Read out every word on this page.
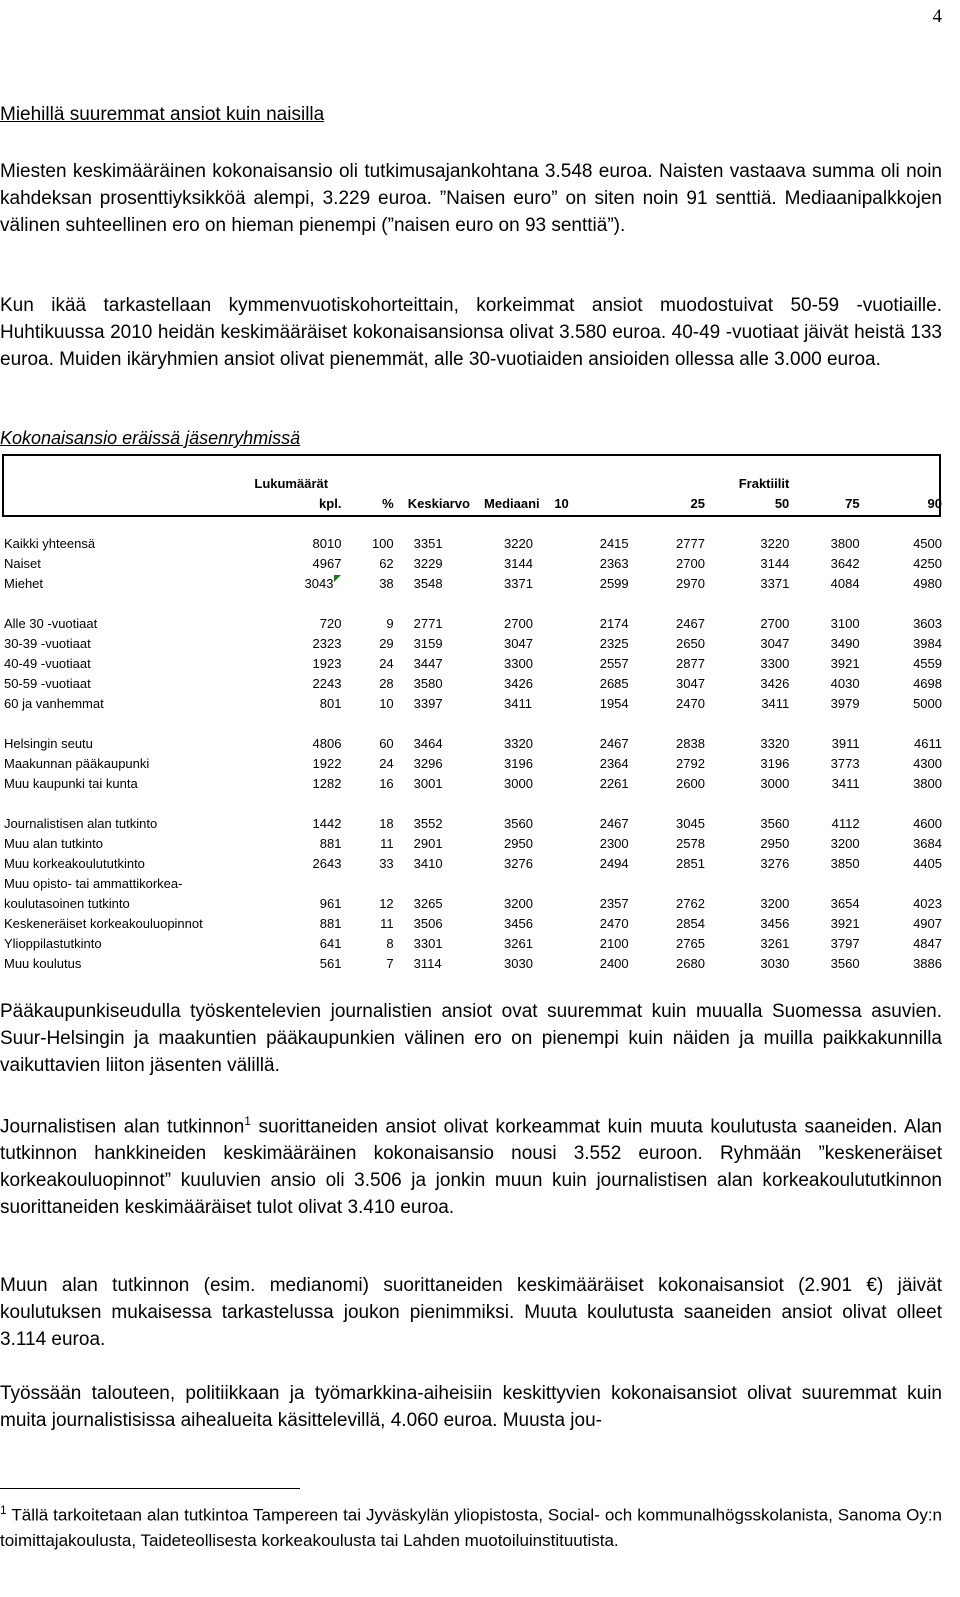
4
Miehillä suuremmat ansiot kuin naisilla

Miesten keskimääräinen kokonaisansio oli tutkimusajankohtana 3.548 euroa. Naisten vastaava summa oli noin kahdeksan prosenttiyksikköä alempi, 3.229 euroa. ”Naisen euro” on siten noin 91 senttiä. Mediaanipalkkojen välinen suhteellinen ero on hieman pienempi (”naisen euro on 93 senttiä”).

Kun ikää tarkastellaan kymmenvuotiskohorteittain, korkeimmat ansiot muodostuivat 50-59 -vuotiaille. Huhtikuussa 2010 heidän keskimääräiset kokonaisansionsa olivat 3.580 euroa. 40-49 -vuotiaat jäivät heistä 133 euroa. Muiden ikäryhmien ansiot olivat pienemmät, alle 30-vuotiaiden ansioiden ollessa alle 3.000 euroa.

Kokonaisansio eräissä jäsenryhmissä
	Lukumäärät						Fraktiilit		
	kpl.	%	Keskiarvo	Mediaani	10	25	50	75	90

Kaikki yhteensä	8010	100	3351	3220	2415	2777	3220	3800	4500
Naiset	4967	62	3229	3144	2363	2700	3144	3642	4250
Miehet	3043	38	3548	3371	2599	2970	3371	4084	4980

Alle 30 -vuotiaat	720	9	2771	2700	2174	2467	2700	3100	3603
30-39 -vuotiaat	2323	29	3159	3047	2325	2650	3047	3490	3984
40-49 -vuotiaat	1923	24	3447	3300	2557	2877	3300	3921	4559
50-59 -vuotiaat	2243	28	3580	3426	2685	3047	3426	4030	4698
60 ja vanhemmat	801	10	3397	3411	1954	2470	3411	3979	5000

Helsingin seutu	4806	60	3464	3320	2467	2838	3320	3911	4611
Maakunnan pääkaupunki	1922	24	3296	3196	2364	2792	3196	3773	4300
Muu kaupunki tai kunta	1282	16	3001	3000	2261	2600	3000	3411	3800

Journalistisen alan tutkinto	1442	18	3552	3560	2467	3045	3560	4112	4600
Muu alan tutkinto	881	11	2901	2950	2300	2578	2950	3200	3684
Muu korkeakoulututkinto	2643	33	3410	3276	2494	2851	3276	3850	4405
Muu opisto- tai ammattikorkea-									
koulutasoinen tutkinto	961	12	3265	3200	2357	2762	3200	3654	4023
Keskeneräiset korkeakouluopinnot	881	11	3506	3456	2470	2854	3456	3921	4907
Ylioppilastutkinto	641	8	3301	3261	2100	2765	3261	3797	4847
Muu koulutus	561	7	3114	3030	2400	2680	3030	3560	3886

Pääkaupunkiseudulla työskentelevien journalistien ansiot ovat suuremmat kuin muualla Suomessa asuvien. Suur-Helsingin ja maakuntien pääkaupunkien välinen ero on pienempi kuin näiden ja muilla paikkakunnilla vaikuttavien liiton jäsenten välillä.

Journalistisen alan tutkinnon$^1$ suorittaneiden ansiot olivat korkeammat kuin muuta koulutusta saaneiden. Alan tutkinnon hankkineiden keskimääräinen kokonaisansio nousi 3.552 euroon. Ryhmään ”keskeneräiset korkeakouluopinnot” kuuluvien ansio oli 3.506 ja jonkin muun kuin journalistisen alan korkeakoulututkinnon suorittaneiden keskimääräiset tulot olivat 3.410 euroa.

Muun alan tutkinnon (esim. medianomi) suorittaneiden keskimääräiset kokonaisansiot (2.901 €) jäivät koulutuksen mukaisessa tarkastelussa joukon pienimmiksi. Muuta koulutusta saaneiden ansiot olivat olleet 3.114 euroa.

Työssään talouteen, politiikkaan ja työmarkkina-aiheisiin keskittyvien kokonaisansiot olivat suuremmat kuin muita journalistisissa aihealueita käsittelevillä, 4.060 euroa. Muusta jou-

$^1$ Tällä tarkoitetaan alan tutkintoa Tampereen tai Jyväskylän yliopistosta, Social- och kommunalhögsskolanista, Sanoma Oy:n toimittajakoulusta, Taideteollisesta korkeakoulusta tai Lahden muotoiluinstituutista.
